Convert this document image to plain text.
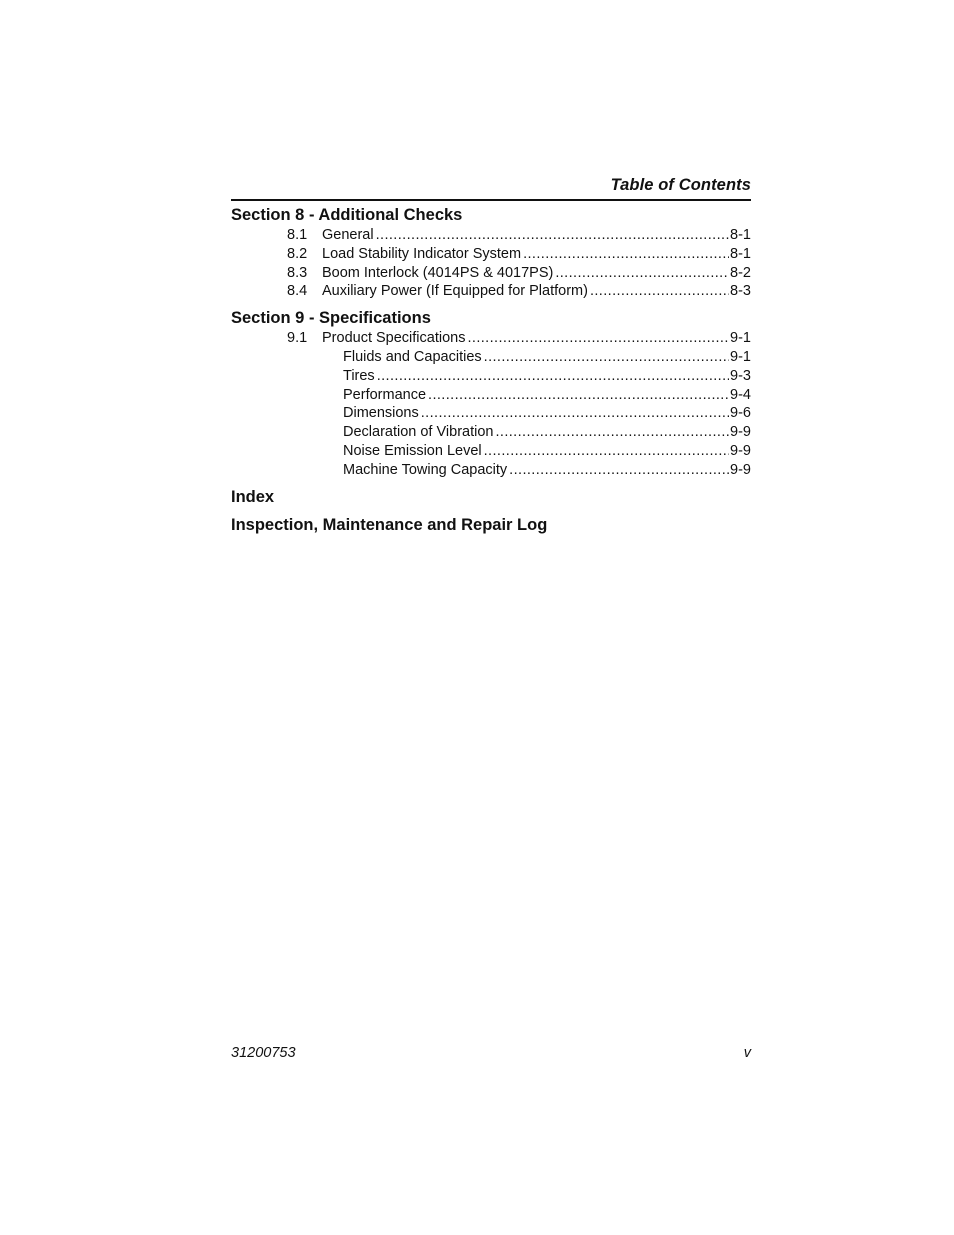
Table of Contents
Section 8 - Additional Checks
8.1 General .....	8-1
8.2 Load Stability Indicator System .....	8-1
8.3 Boom Interlock (4014PS & 4017PS) .....	8-2
8.4 Auxiliary Power (If Equipped for Platform) .....	8-3
Section 9 - Specifications
9.1 Product Specifications .....	9-1
Fluids and Capacities .....	9-1
Tires .....	9-3
Performance .....	9-4
Dimensions .....	9-6
Declaration of Vibration .....	9-9
Noise Emission Level .....	9-9
Machine Towing Capacity .....	9-9
Index
Inspection, Maintenance and Repair Log
31200753	v
